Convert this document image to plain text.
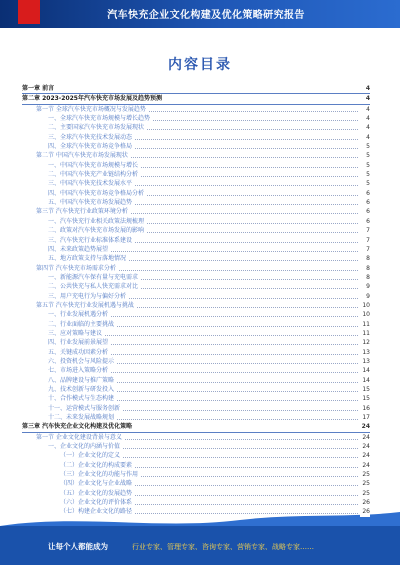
汽车快充企业文化构建及优化策略研究报告
内容目录
第一章 前言	4
第二章 2023-2025年汽车快充市场发展及趋势预测	4
第一节 全球汽车快充市场概况与发展趋势	4
一、全球汽车快充市场规模与增长趋势	4
二、主要国家汽车快充市场发展现状	4
三、全球汽车快充技术发展动态	4
四、全球汽车快充市场竞争格局	5
第二节 中国汽车快充市场发展现状	5
一、中国汽车快充市场规模与增长	5
二、中国汽车快充产业链结构分析	5
三、中国汽车快充技术发展水平	5
四、中国汽车快充市场竞争格局分析	6
五、中国汽车快充市场发展趋势	6
第三节 汽车快充行业政策环境分析	6
一、汽车快充行业相关政策法规梳理	6
二、政策对汽车快充市场发展的影响	7
三、汽车快充行业标准体系建设	7
四、未来政策趋势展望	7
五、地方政策支持与落地情况	8
第四节 汽车快充市场需求分析	8
一、新能源汽车保有量与充电需求	8
二、公共快充与私人快充需求对比	9
三、用户充电行为与偏好分析	9
第五节 汽车快充行业发展机遇与挑战	10
一、行业发展机遇分析	10
二、行业面临的主要挑战	11
三、应对策略与建议	11
四、行业发展前景展望	12
五、关键成功因素分析	13
六、投资机会与风险提示	13
七、市场进入策略分析	14
八、品牌建设与推广策略	14
九、技术创新与研发投入	15
十、合作模式与生态构建	15
十一、运营模式与服务创新	16
十二、未来发展战略规划	17
第三章 汽车快充企业文化构建及优化策略	24
第一节 企业文化建设背景与意义	24
一、企业文化的内涵与价值	24
（一）企业文化的定义	24
（二）企业文化的构成要素	24
（三）企业文化的功能与作用	25
（四）企业文化与企业战略	25
（五）企业文化的发展趋势	25
（六）企业文化的评价体系	26
（七）构建企业文化的路径	26
让每个人都能成为	行业专家、管理专家、咨询专家、营销专家、战略专家……
